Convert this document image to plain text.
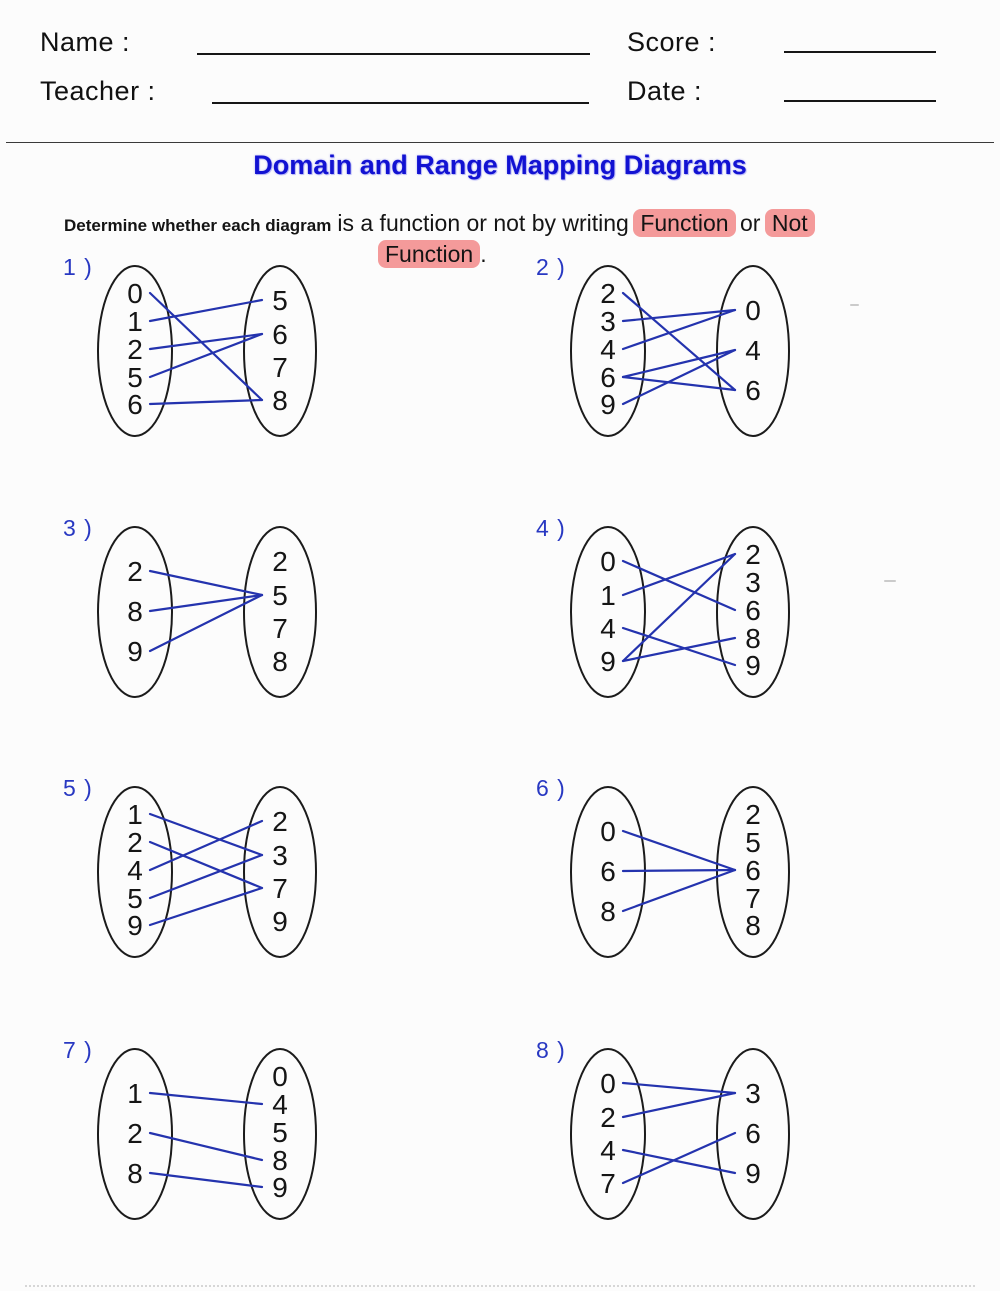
Name :	Score :
Teacher :	Date :
Domain and Range Mapping Diagrams
Determine whether each diagram is a function or not by writing Function or Not
Function .
1 )
0
1
2
5
6
5
6
7
8
2 )
2
3
4
6
9
0
4
6
3 )
2
8
9
2
5
7
8
4 )
0
1
4
9
2
3
6
8
9
5 )
1
2
4
5
9
2
3
7
9
6 )
0
6
8
2
5
6
7
8
7 )
1
2
8
0
4
5
8
9
8 )
0
2
4
7
3
6
9
